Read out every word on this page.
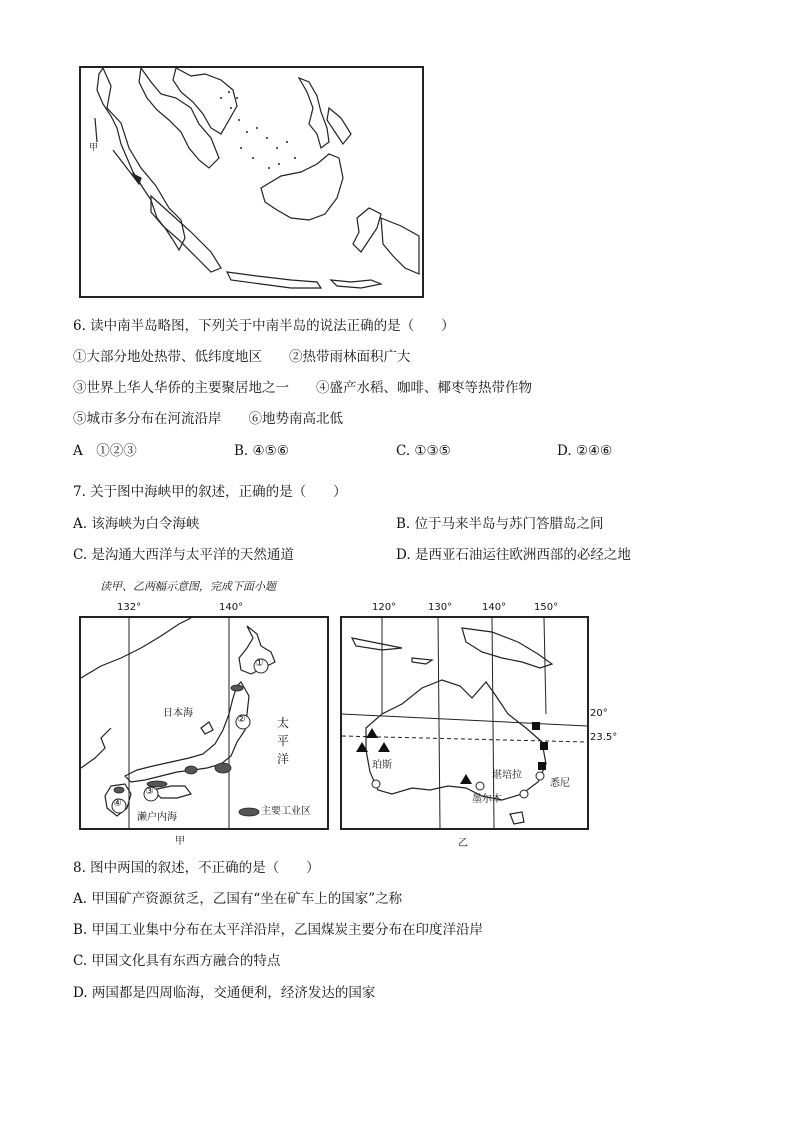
甲
6. 读中南半岛略图，下列关于中南半岛的说法正确的是（　　）
①大部分地处热带、低纬度地区　　②热带雨林面积广大
③世界上华人华侨的主要聚居地之一　　④盛产水稻、咖啡、椰枣等热带作物
⑤城市多分布在河流沿岸　　⑥地势南高北低
A　①②③	B. ④⑤⑥	C. ①③⑤	D. ②④⑥
7. 关于图中海峡甲的叙述，正确的是（　　）
A. 该海峡为白令海峡	B. 位于马来半岛与苏门答腊岛之间
C. 是沟通大西洋与太平洋的天然通道	D. 是西亚石油运往欧洲西部的必经之地
读甲、乙两幅示意图，完成下面小题
132°	140°
①
②
③
④
日本海
太
平
洋
濑户内海
主要工业区
甲
120°	130°	140°	150°
20°
23.5°
珀斯
堪培拉
墨尔本
悉尼
乙
8. 图中两国的叙述，不正确的是（　　）
A. 甲国矿产资源贫乏，乙国有“坐在矿车上的国家”之称
B. 甲国工业集中分布在太平洋沿岸，乙国煤炭主要分布在印度洋沿岸
C. 甲国文化具有东西方融合的特点
D. 两国都是四周临海，交通便利，经济发达的国家
